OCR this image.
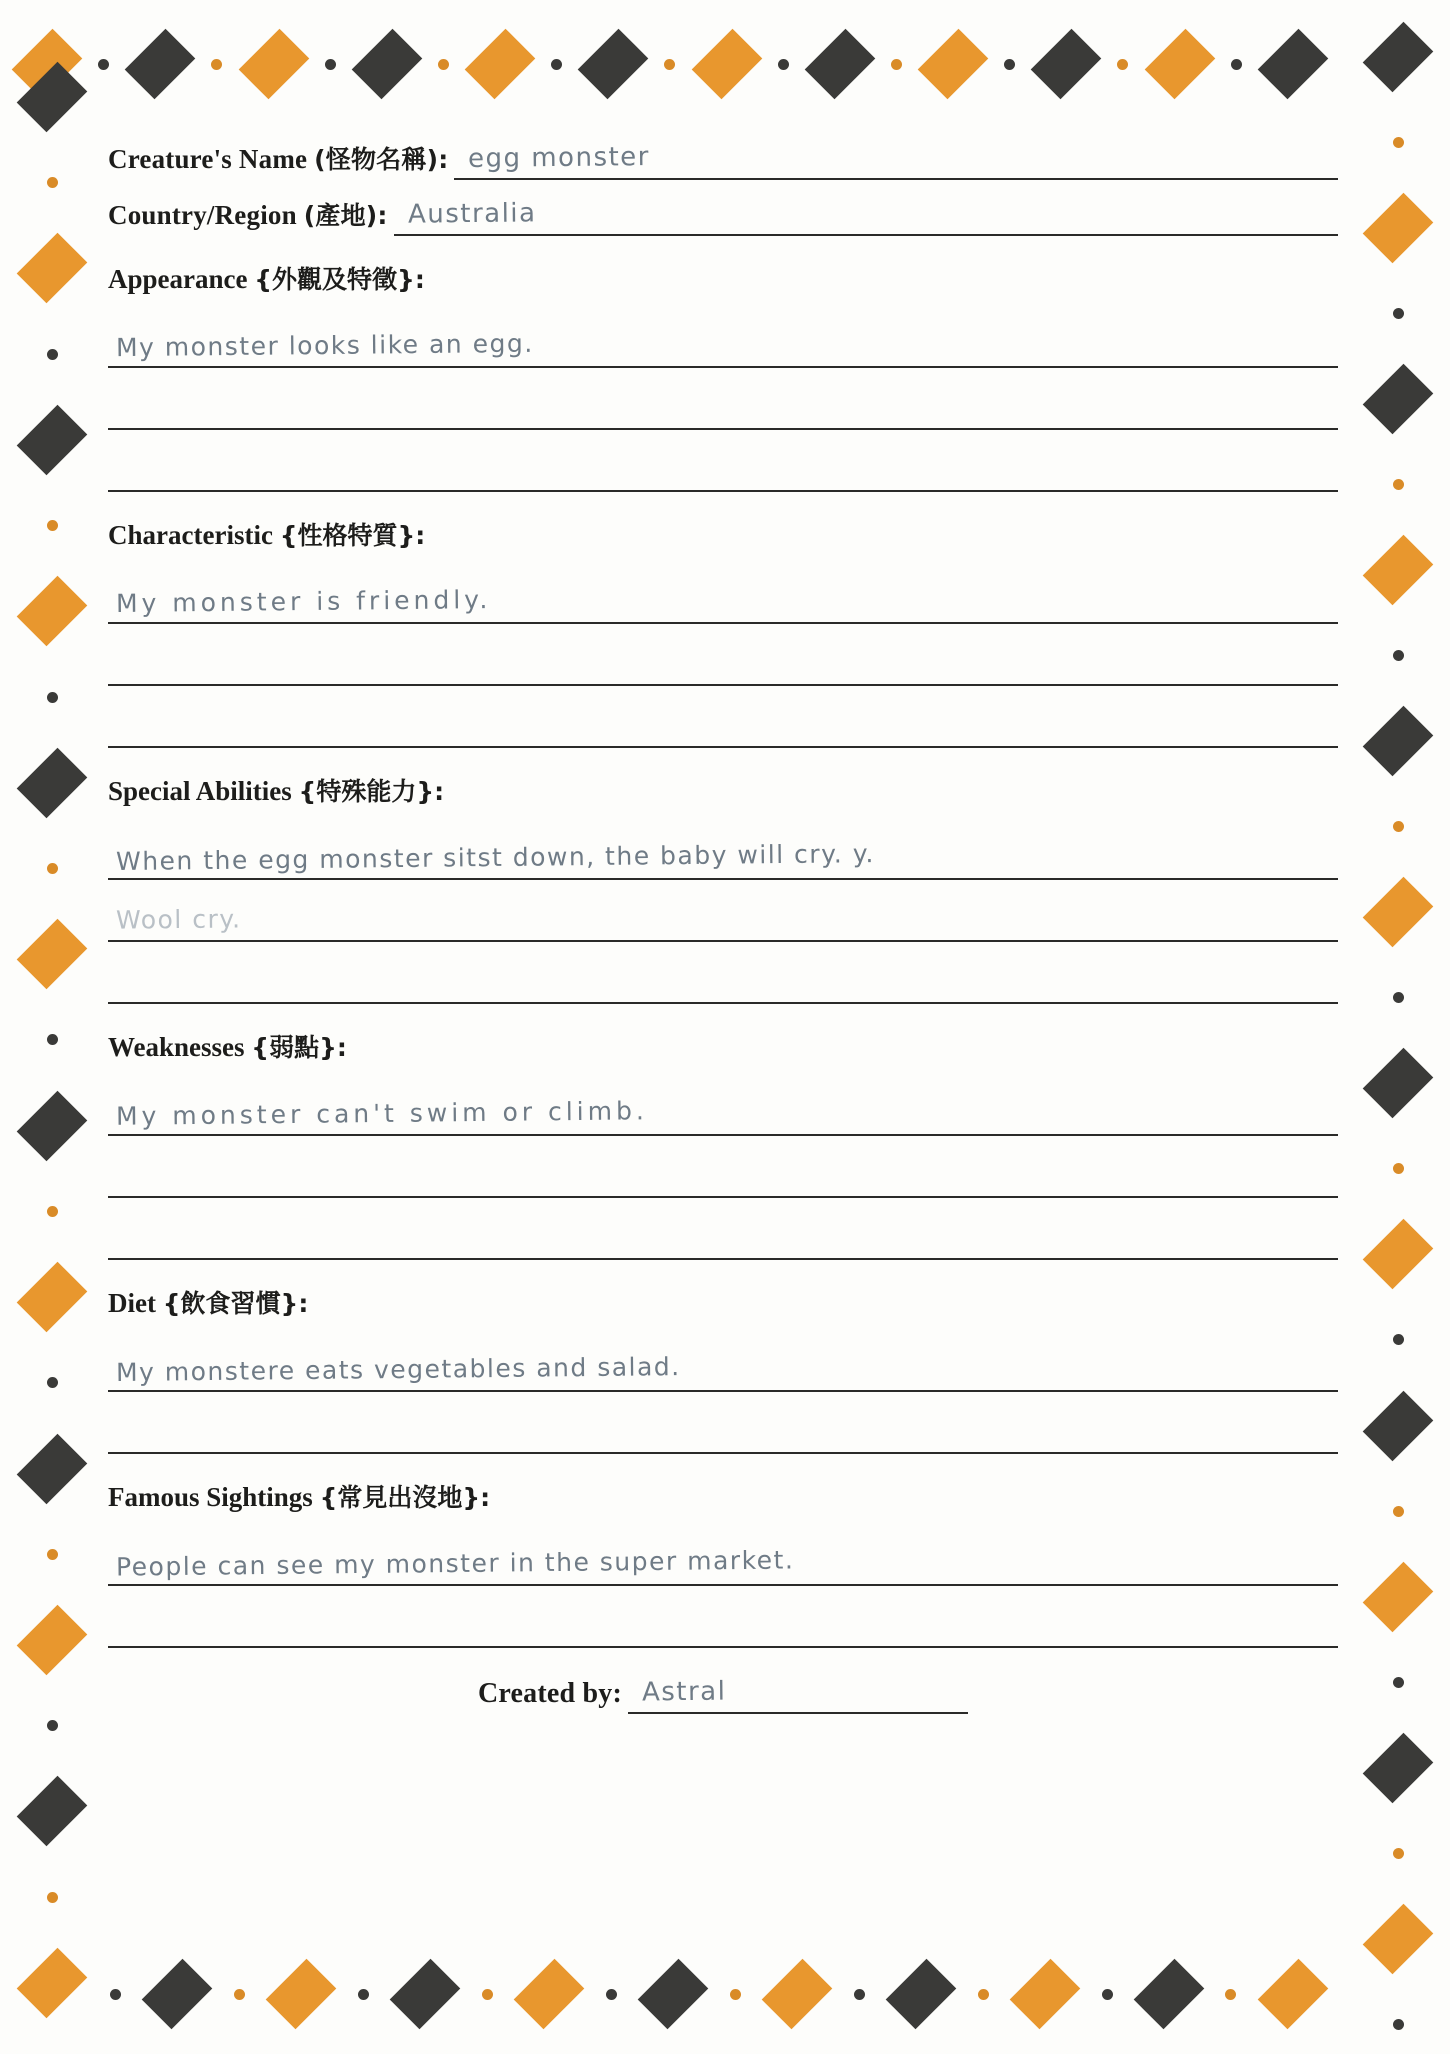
Creature's Name (怪物名稱): egg monster
Country/Region (產地): Australia
Appearance {外觀及特徵}:
My monster looks like an egg.
Characteristic {性格特質}:
My monster is friendly.
Special Abilities {特殊能力}:
When the egg monster sitst down, the baby will cry. y.
Wool cry.
Weaknesses {弱點}:
My monster can't swim or climb.
Diet {飲食習慣}:
My monstere eats vegetables and salad.
Famous Sightings {常見出沒地}:
People can see my monster in the super market.
Created by: Astral
